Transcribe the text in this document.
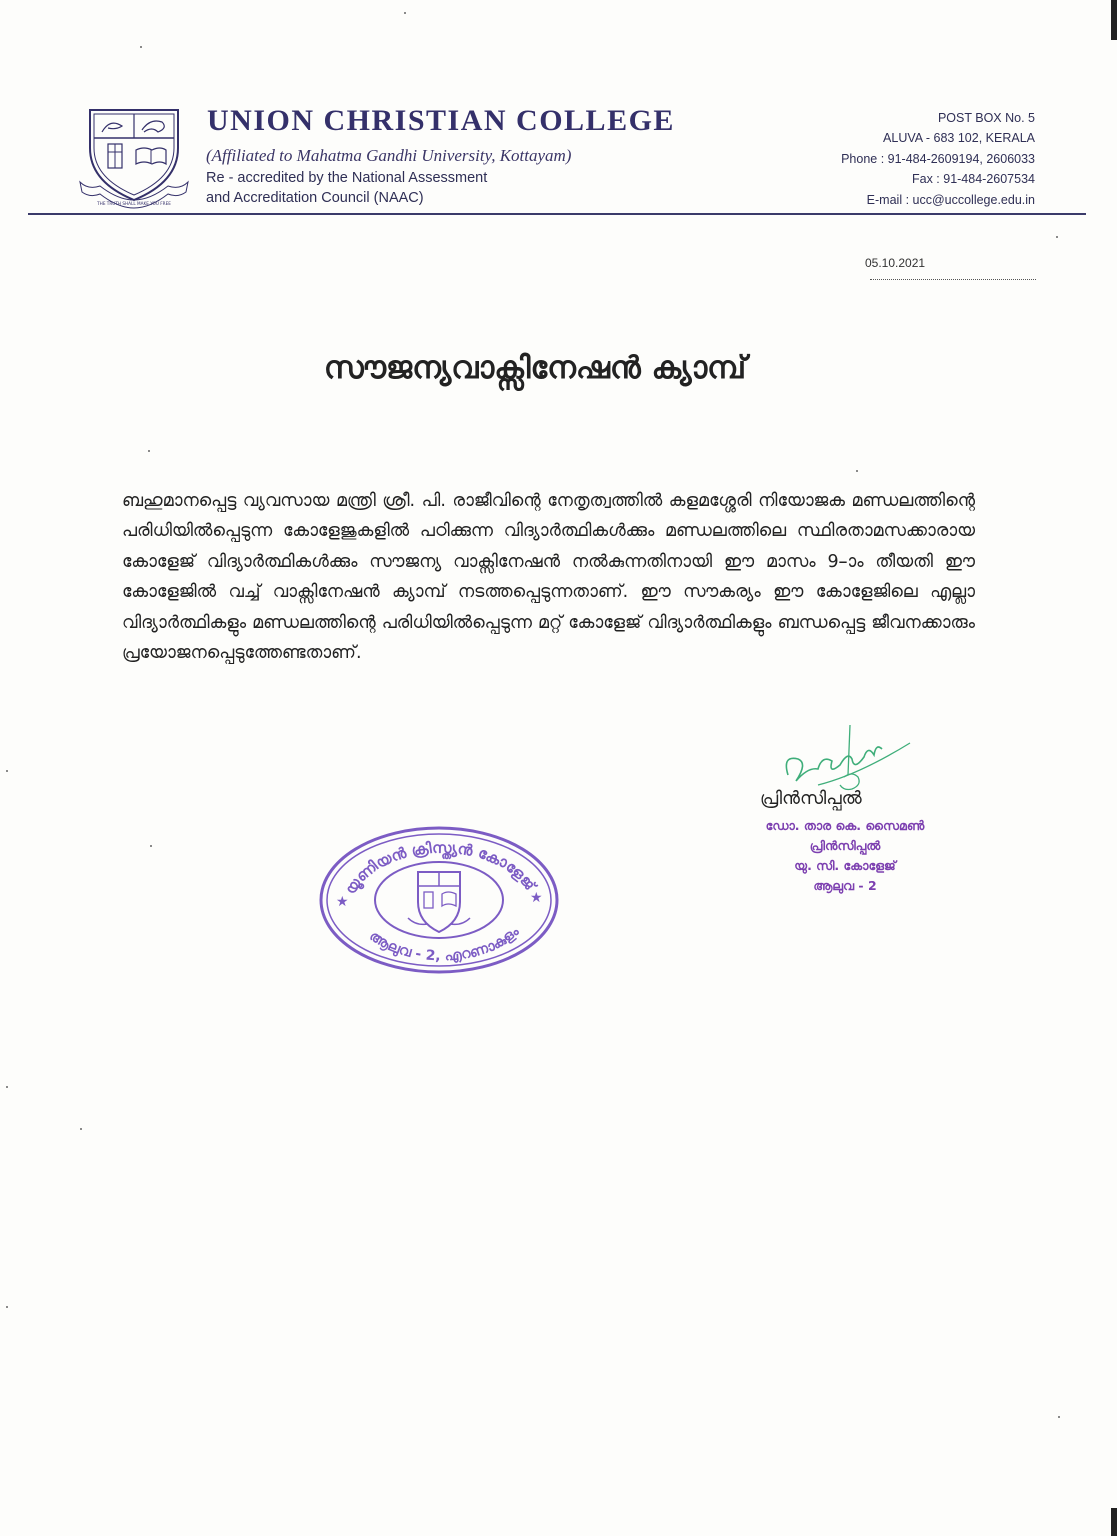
THE TRUTH SHALL MAKE YOU FREE
UNION CHRISTIAN COLLEGE
(Affiliated to Mahatma Gandhi University, Kottayam)
Re - accredited by the National Assessment
and Accreditation Council (NAAC)
POST BOX No. 5
ALUVA - 683 102, KERALA
Phone : 91-484-2609194, 2606033
Fax : 91-484-2607534
E-mail : ucc@uccollege.edu.in
05.10.2021
സൗജന്യവാക്സിനേഷൻ ക്യാമ്പ്
ബഹുമാനപ്പെട്ട വ്യവസായ മന്ത്രി ശ്രീ. പി. രാജീവിന്റെ നേതൃത്വത്തിൽ കളമശ്ശേരി നിയോജക മണ്ഡലത്തിന്റെ പരിധിയിൽപ്പെടുന്ന കോളേജുകളിൽ പഠിക്കുന്ന വിദ്യാർത്ഥികൾക്കും മണ്ഡലത്തിലെ സ്ഥിരതാമസക്കാരായ കോളേജ് വിദ്യാർത്ഥികൾക്കും സൗജന്യ വാക്സിനേഷൻ നൽകുന്നതിനായി ഈ മാസം 9–ാം തീയതി ഈ കോളേജിൽ വച്ച് വാക്സിനേഷൻ ക്യാമ്പ് നടത്തപ്പെടുന്നതാണ്. ഈ സൗകര്യം ഈ കോളേജിലെ എല്ലാ വിദ്യാർത്ഥികളും മണ്ഡലത്തിന്റെ പരിധിയിൽപ്പെടുന്ന മറ്റ് കോളേജ് വിദ്യാർത്ഥികളും ബന്ധപ്പെട്ട ജീവനക്കാരും പ്രയോജനപ്പെടുത്തേണ്ടതാണ്.
പ്രിൻസിപ്പൽ
ഡോ. താര കെ. സൈമൺ
പ്രിൻസിപ്പൽ
യു. സി. കോളേജ്
ആലുവ - 2
യൂണിയൻ ക്രിസ്ത്യൻ കോളേജ്
ആലുവ - 2, എറണാകുളം
★	★
